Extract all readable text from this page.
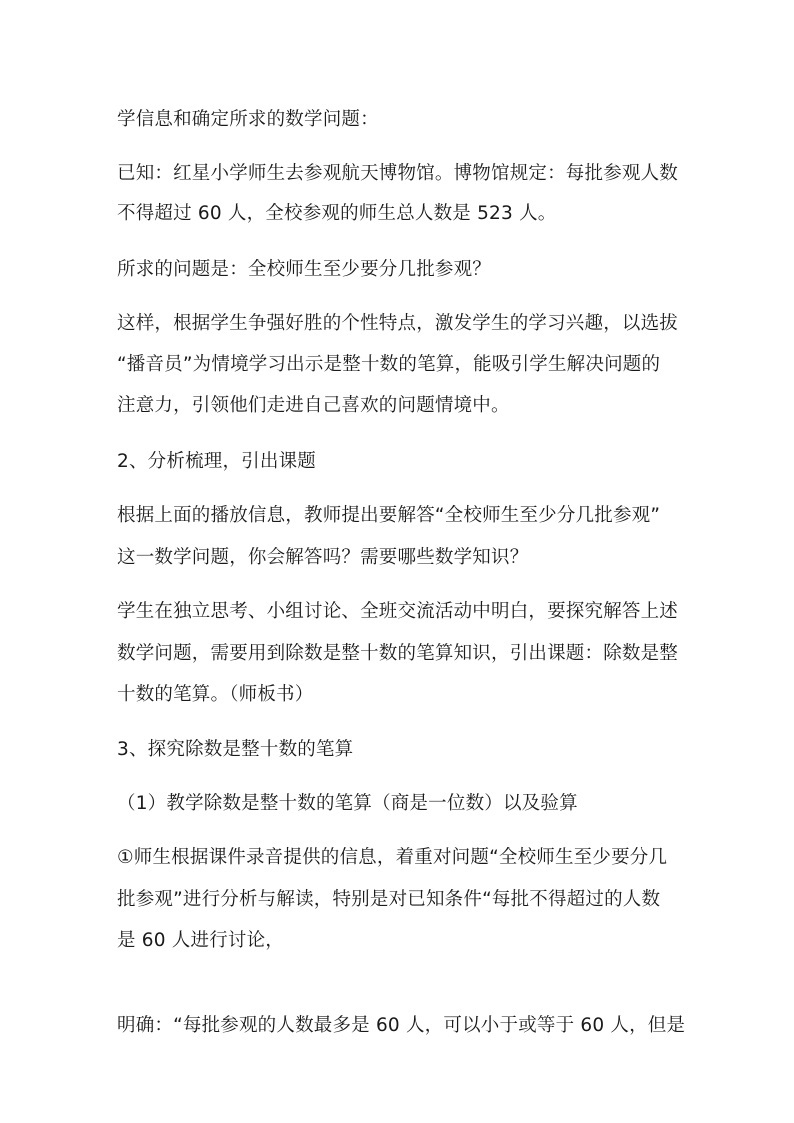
学信息和确定所求的数学问题：
已知：红星小学师生去参观航天博物馆。博物馆规定：每批参观人数
不得超过 60 人，全校参观的师生总人数是 523 人。
所求的问题是：全校师生至少要分几批参观？
这样，根据学生争强好胜的个性特点，激发学生的学习兴趣，以选拔
“播音员”为情境学习出示是整十数的笔算，能吸引学生解决问题的
注意力，引领他们走进自己喜欢的问题情境中。
2、分析梳理，引出课题
根据上面的播放信息，教师提出要解答“全校师生至少分几批参观”
这一数学问题，你会解答吗？需要哪些数学知识？
学生在独立思考、小组讨论、全班交流活动中明白，要探究解答上述
数学问题，需要用到除数是整十数的笔算知识，引出课题：除数是整
十数的笔算。（师板书）
3、探究除数是整十数的笔算
（1）教学除数是整十数的笔算（商是一位数）以及验算
①师生根据课件录音提供的信息，着重对问题“全校师生至少要分几
批参观”进行分析与解读，特别是对已知条件“每批不得超过的人数
是 60 人进行讨论，
明确：“每批参观的人数最多是 60 人，可以小于或等于 60 人，但是
